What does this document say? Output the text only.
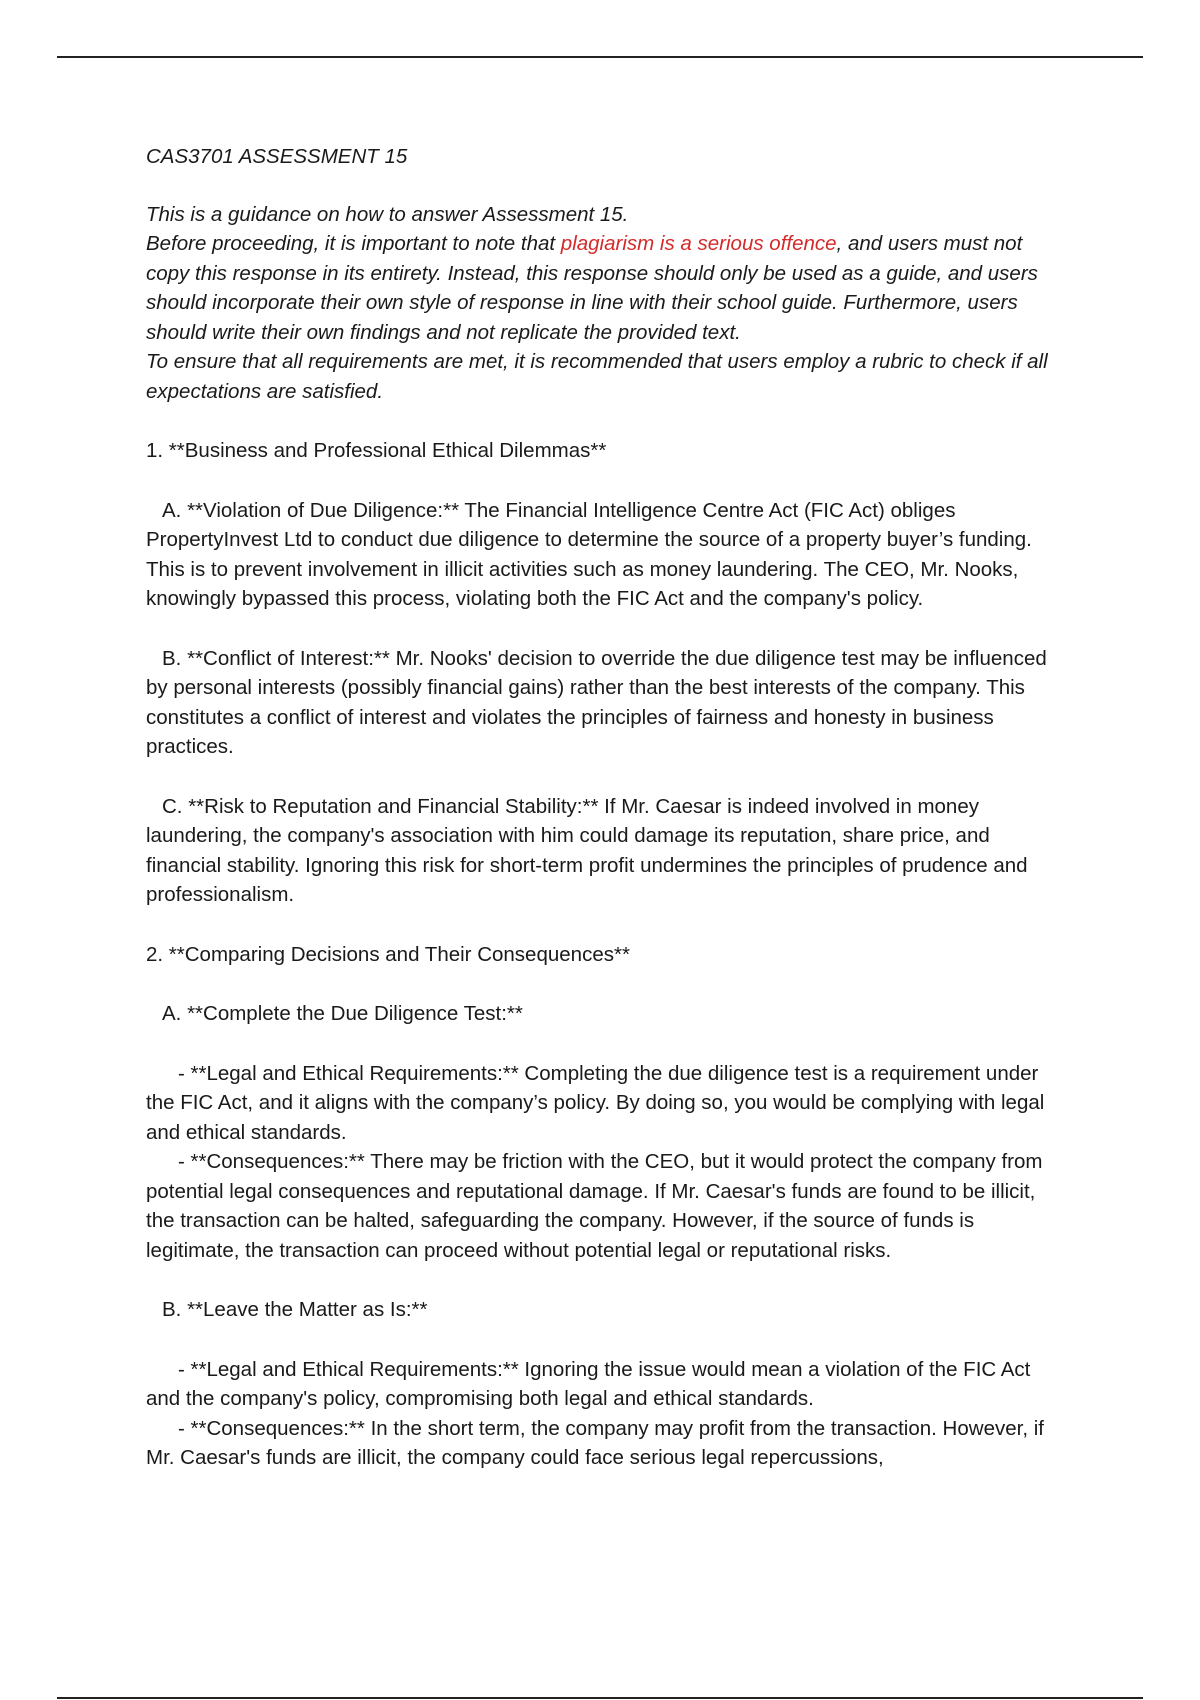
CAS3701 ASSESSMENT 15

This is a guidance on how to answer Assessment 15.

Before proceeding, it is important to note that plagiarism is a serious offence, and users must not copy this response in its entirety. Instead, this response should only be used as a guide, and users should incorporate their own style of response in line with their school guide. Furthermore, users should write their own findings and not replicate the provided text.

To ensure that all requirements are met, it is recommended that users employ a rubric to check if all expectations are satisfied.

1. **Business and Professional Ethical Dilemmas**

A. **Violation of Due Diligence:** The Financial Intelligence Centre Act (FIC Act) obliges PropertyInvest Ltd to conduct due diligence to determine the source of a property buyer’s funding. This is to prevent involvement in illicit activities such as money laundering. The CEO, Mr. Nooks, knowingly bypassed this process, violating both the FIC Act and the company's policy.

B. **Conflict of Interest:** Mr. Nooks' decision to override the due diligence test may be influenced by personal interests (possibly financial gains) rather than the best interests of the company. This constitutes a conflict of interest and violates the principles of fairness and honesty in business practices.

C. **Risk to Reputation and Financial Stability:** If Mr. Caesar is indeed involved in money laundering, the company's association with him could damage its reputation, share price, and financial stability. Ignoring this risk for short-term profit undermines the principles of prudence and professionalism.

2. **Comparing Decisions and Their Consequences**

A. **Complete the Due Diligence Test:**

- **Legal and Ethical Requirements:** Completing the due diligence test is a requirement under the FIC Act, and it aligns with the company’s policy. By doing so, you would be complying with legal and ethical standards.

- **Consequences:** There may be friction with the CEO, but it would protect the company from potential legal consequences and reputational damage. If Mr. Caesar's funds are found to be illicit, the transaction can be halted, safeguarding the company. However, if the source of funds is legitimate, the transaction can proceed without potential legal or reputational risks.

B. **Leave the Matter as Is:**

- **Legal and Ethical Requirements:** Ignoring the issue would mean a violation of the FIC Act and the company's policy, compromising both legal and ethical standards.

- **Consequences:** In the short term, the company may profit from the transaction. However, if Mr. Caesar's funds are illicit, the company could face serious legal repercussions,
